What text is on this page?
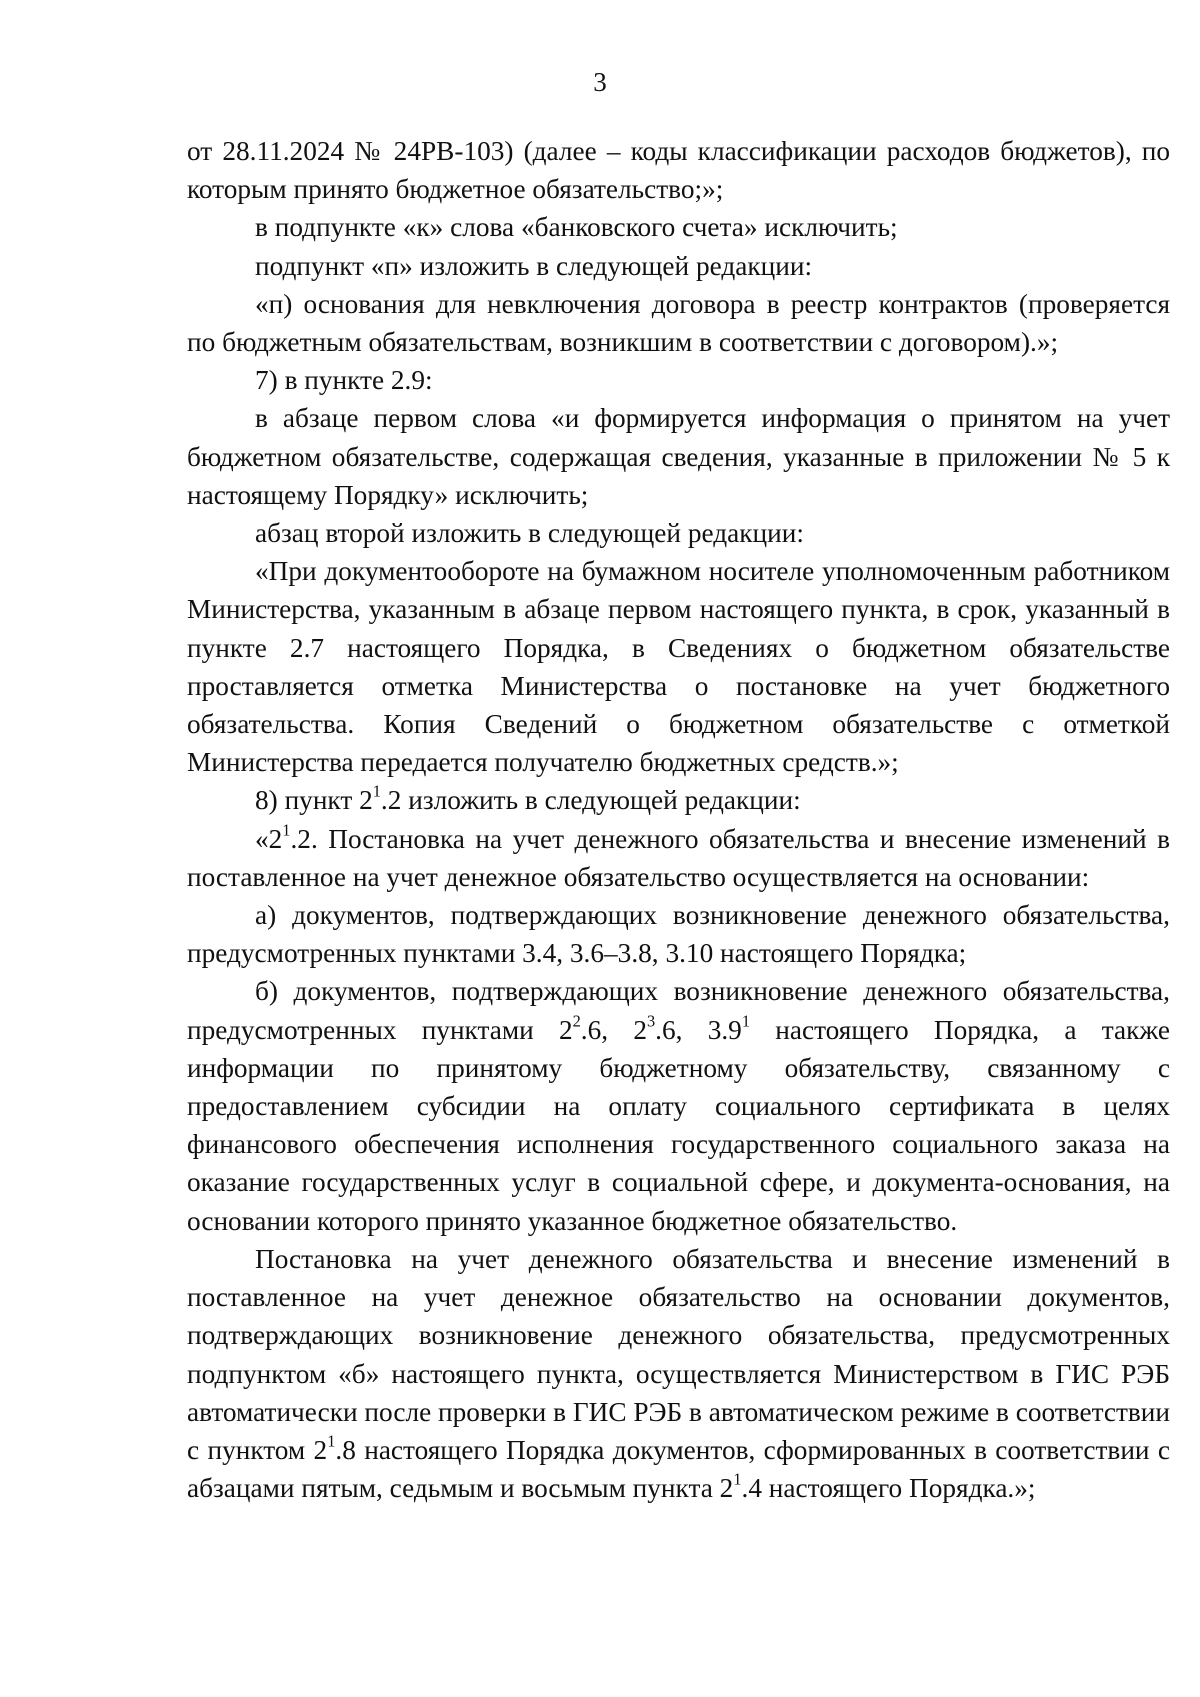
3

от 28.11.2024 № 24РВ-103) (далее – коды классификации расходов бюджетов), по которым принято бюджетное обязательство;»;

в подпункте «к» слова «банковского счета» исключить;

подпункт «п» изложить в следующей редакции:

«п) основания для невключения договора в реестр контрактов (проверяется по бюджетным обязательствам, возникшим в соответствии с договором).»;

7) в пункте 2.9:

в абзаце первом слова «и формируется информация о принятом на учет бюджетном обязательстве, содержащая сведения, указанные в приложении № 5 к настоящему Порядку» исключить;

абзац второй изложить в следующей редакции:

«При документообороте на бумажном носителе уполномоченным работником Министерства, указанным в абзаце первом настоящего пункта, в срок, указанный в пункте 2.7 настоящего Порядка, в Сведениях о бюджетном обязательстве проставляется отметка Министерства о постановке на учет бюджетного обязательства. Копия Сведений о бюджетном обязательстве с отметкой Министерства передается получателю бюджетных средств.»;

8) пункт $2^1.2$ изложить в следующей редакции:

«$2^1.2$. Постановка на учет денежного обязательства и внесение изменений в поставленное на учет денежное обязательство осуществляется на основании:

а) документов, подтверждающих возникновение денежного обязательства, предусмотренных пунктами 3.4, 3.6–3.8, 3.10 настоящего Порядка;

б) документов, подтверждающих возникновение денежного обязательства, предусмотренных пунктами $2^2.6$, $2^3.6$, $3.9^1$ настоящего Порядка, а также информации по принятому бюджетному обязательству, связанному с предоставлением субсидии на оплату социального сертификата в целях финансового обеспечения исполнения государственного социального заказа на оказание государственных услуг в социальной сфере, и документа-основания, на основании которого принято указанное бюджетное обязательство.

Постановка на учет денежного обязательства и внесение изменений в поставленное на учет денежное обязательство на основании документов, подтверждающих возникновение денежного обязательства, предусмотренных подпунктом «б» настоящего пункта, осуществляется Министерством в ГИС РЭБ автоматически после проверки в ГИС РЭБ в автоматическом режиме в соответствии с пунктом $2^1.8$ настоящего Порядка документов, сформированных в соответствии с абзацами пятым, седьмым и восьмым пункта $2^1.4$ настоящего Порядка.»;
